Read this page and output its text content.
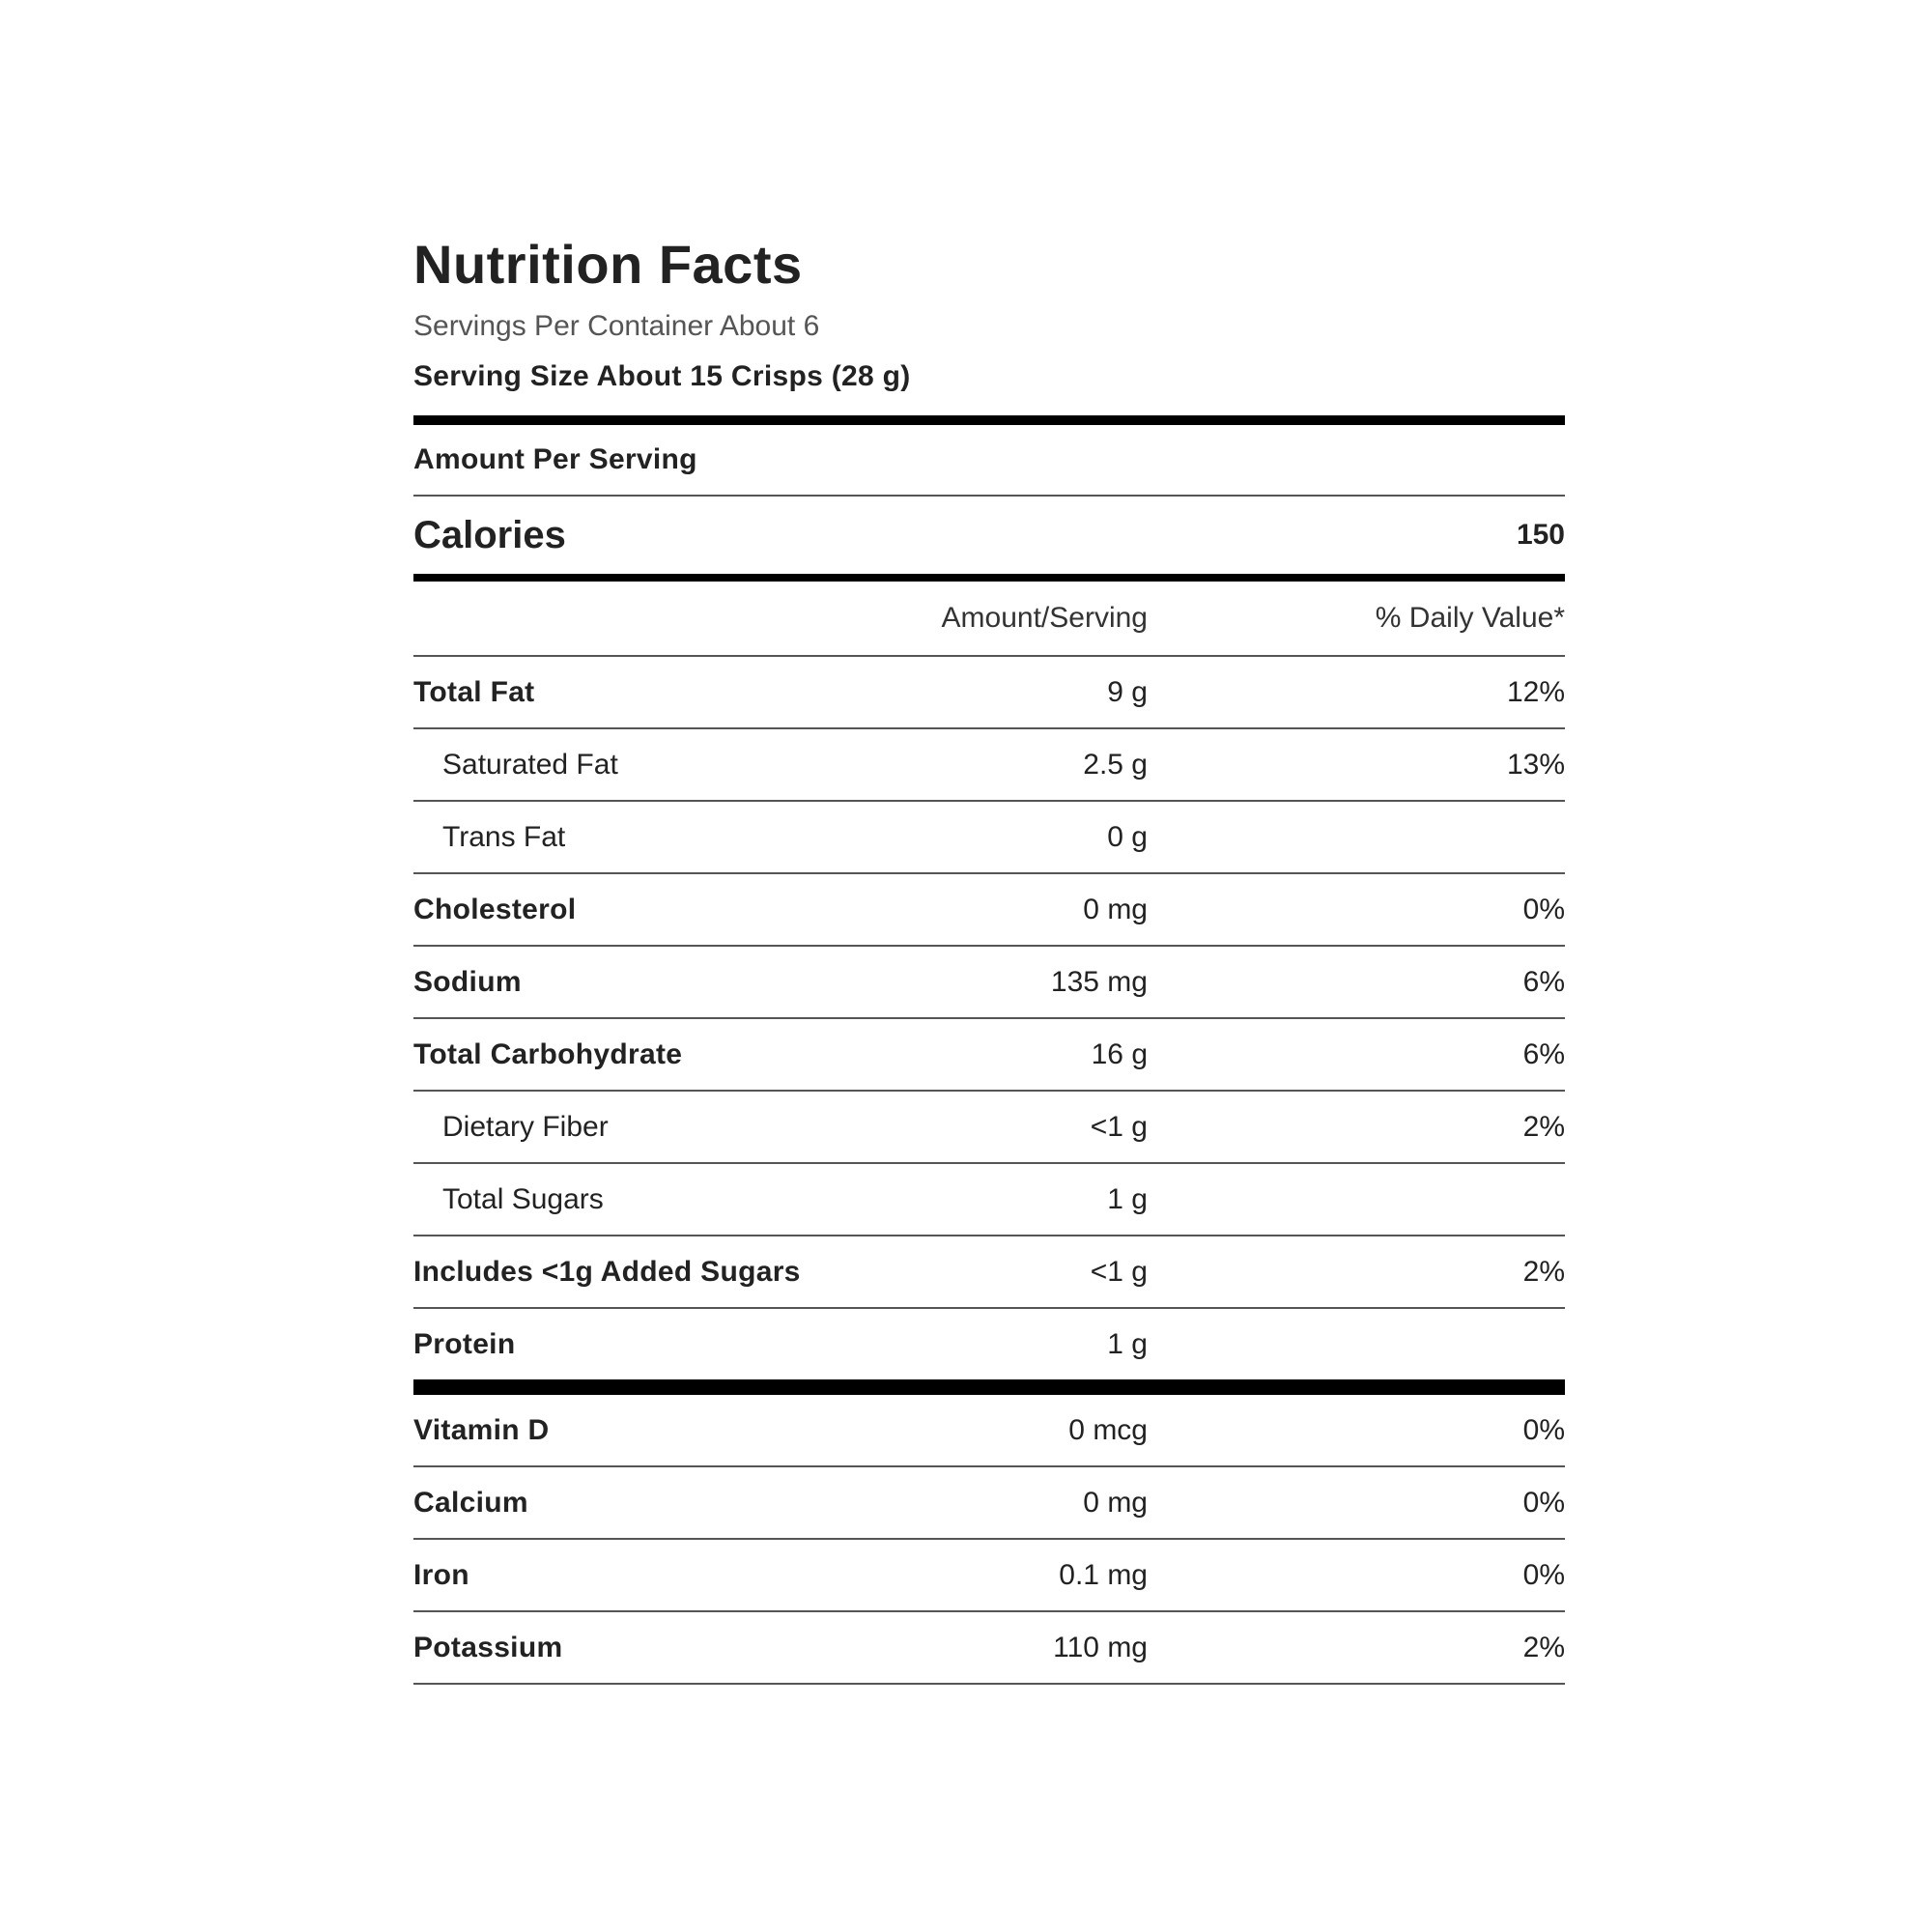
Nutrition Facts
Servings Per Container About 6
Serving Size About 15 Crisps (28 g)
Amount Per Serving
Calories	150
Amount/Serving	% Daily Value*
Total Fat	9 g	12%
Saturated Fat	2.5 g	13%
Trans Fat	0 g
Cholesterol	0 mg	0%
Sodium	135 mg	6%
Total Carbohydrate	16 g	6%
Dietary Fiber	<1 g	2%
Total Sugars	1 g
Includes <1g Added Sugars	<1 g	2%
Protein	1 g
Vitamin D	0 mcg	0%
Calcium	0 mg	0%
Iron	0.1 mg	0%
Potassium	110 mg	2%
